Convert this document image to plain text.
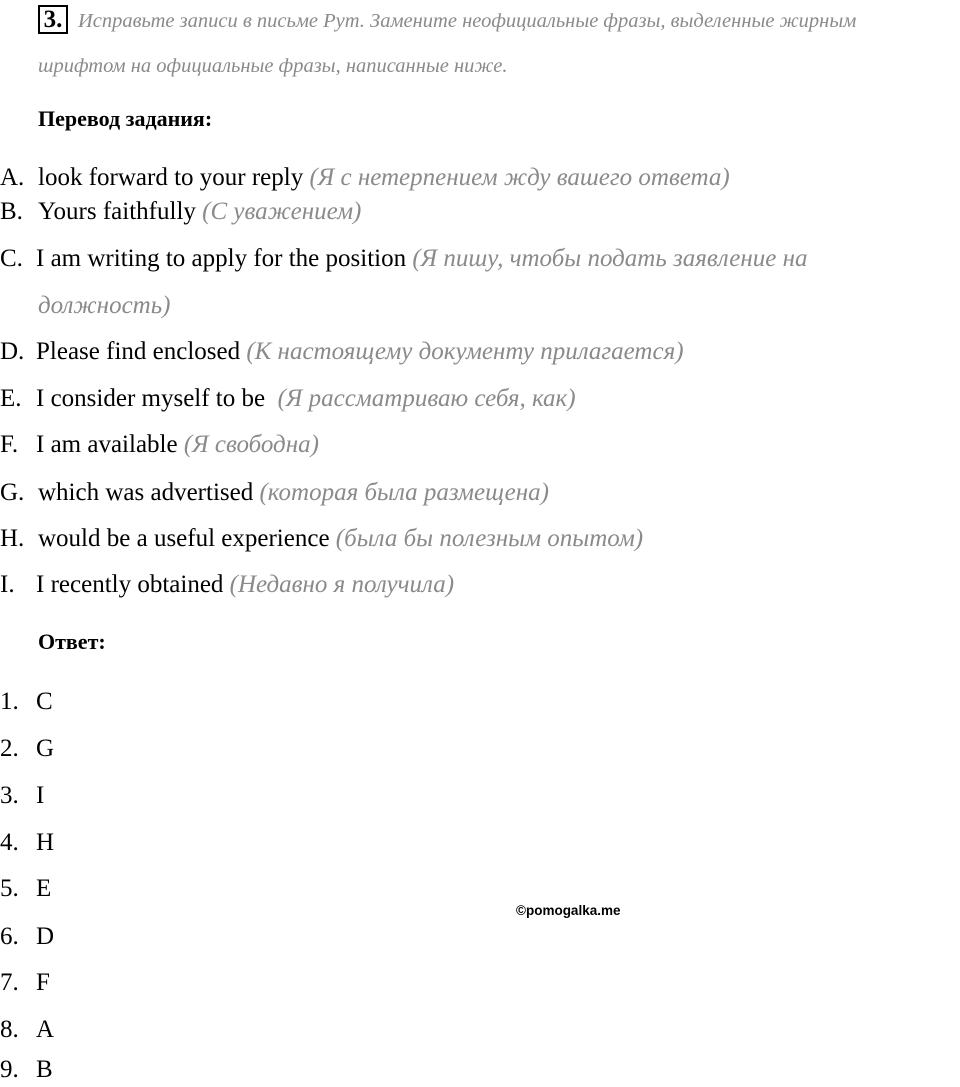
3. Исправьте записи в письме Рут. Замените неофициальные фразы, выделенные жирным
шрифтом на официальные фразы, написанные ниже.
Перевод задания:
A. look forward to your reply (Я с нетерпением жду вашего ответа)
B. Yours faithfully (С уважением)
C. I am writing to apply for the position (Я пишу, чтобы подать заявление на
должность)
D. Please find enclosed (К настоящему документу прилагается)
E. I consider myself to be (Я рассматриваю себя, как)
F. I am available (Я свободна)
G. which was advertised (которая была размещена)
H. would be a useful experience (была бы полезным опытом)
I. I recently obtained (Недавно я получила)
Ответ:
1. C
2. G
3. I
4. H
5. E
6. D
7. F
8. A
9. B
©pomogalka.me
